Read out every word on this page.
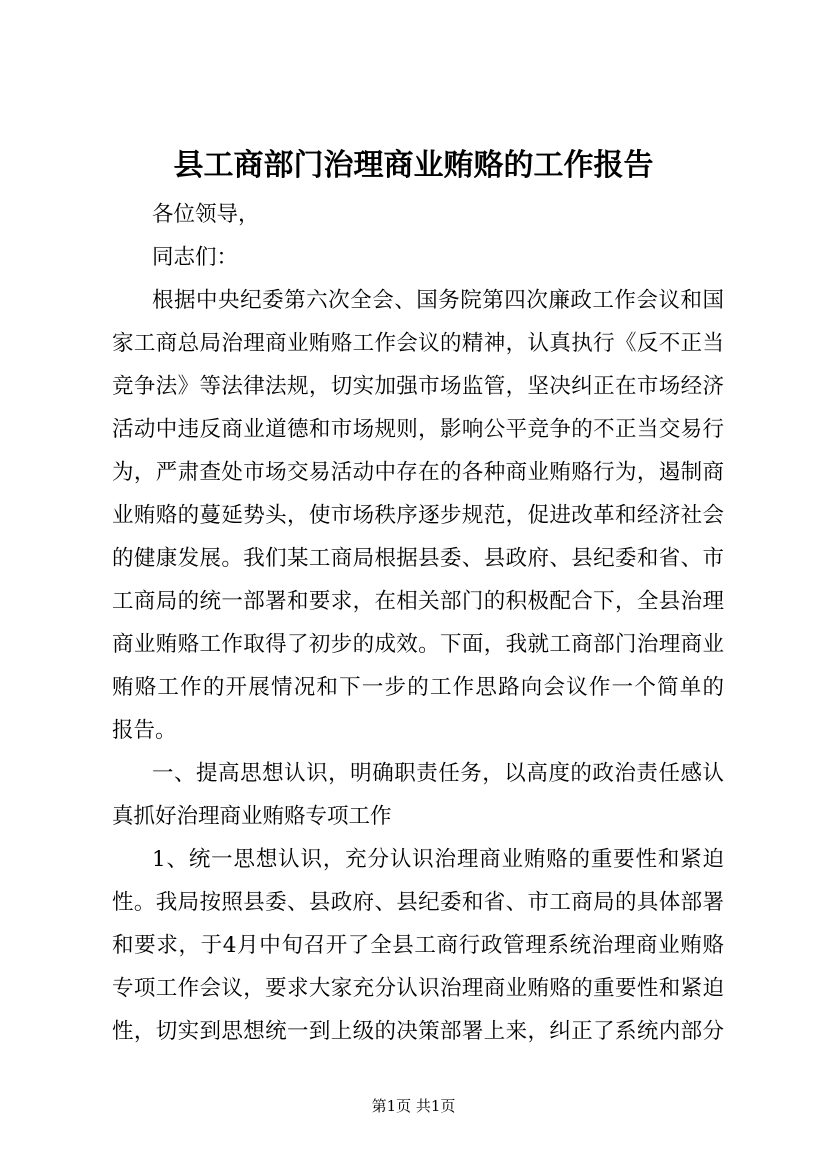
县工商部门治理商业贿赂的工作报告
各位领导，
同志们：
根据中央纪委第六次全会、国务院第四次廉政工作会议和国
家工商总局治理商业贿赂工作会议的精神，认真执行《反不正当
竞争法》等法律法规，切实加强市场监管，坚决纠正在市场经济
活动中违反商业道德和市场规则，影响公平竞争的不正当交易行
为，严肃查处市场交易活动中存在的各种商业贿赂行为，遏制商
业贿赂的蔓延势头，使市场秩序逐步规范，促进改革和经济社会
的健康发展。我们某工商局根据县委、县政府、县纪委和省、市
工商局的统一部署和要求，在相关部门的积极配合下，全县治理
商业贿赂工作取得了初步的成效。下面，我就工商部门治理商业
贿赂工作的开展情况和下一步的工作思路向会议作一个简单的
报告。
一、提高思想认识，明确职责任务，以高度的政治责任感认
真抓好治理商业贿赂专项工作
1、统一思想认识，充分认识治理商业贿赂的重要性和紧迫
性。我局按照县委、县政府、县纪委和省、市工商局的具体部署
和要求，于4月中旬召开了全县工商行政管理系统治理商业贿赂
专项工作会议，要求大家充分认识治理商业贿赂的重要性和紧迫
性，切实到思想统一到上级的决策部署上来，纠正了系统内部分
第1页 共1页
